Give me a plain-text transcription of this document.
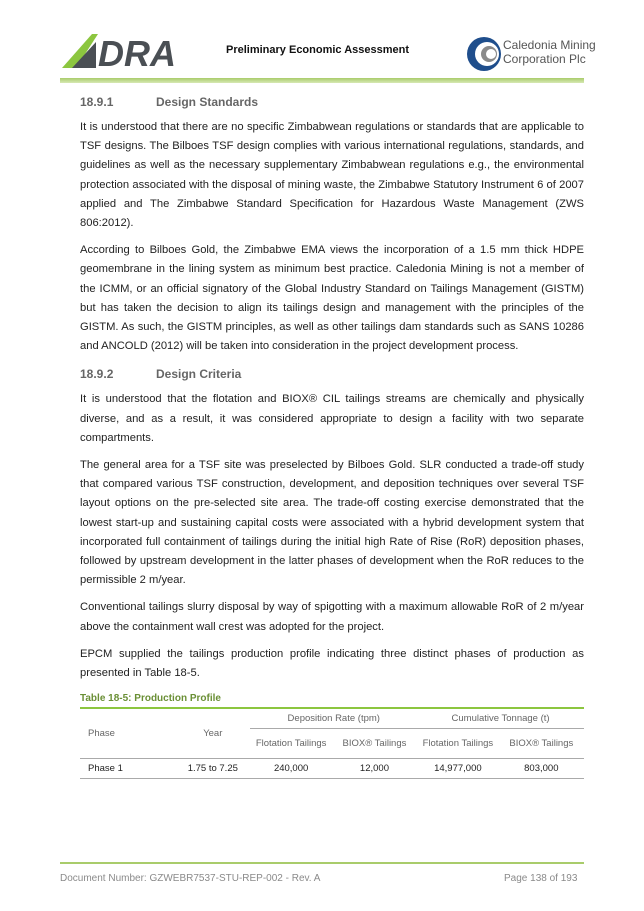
DRA	Preliminary Economic Assessment	Caledonia Mining
Corporation Plc
18.9.1	Design Standards

It is understood that there are no specific Zimbabwean regulations or standards that are applicable to TSF designs. The Bilboes TSF design complies with various international regulations, standards, and guidelines as well as the necessary supplementary Zimbabwean regulations e.g., the environmental protection associated with the disposal of mining waste, the Zimbabwe Statutory Instrument 6 of 2007 applied and The Zimbabwe Standard Specification for Hazardous Waste Management (ZWS 806:2012).

According to Bilboes Gold, the Zimbabwe EMA views the incorporation of a 1.5 mm thick HDPE geomembrane in the lining system as minimum best practice. Caledonia Mining is not a member of the ICMM, or an official signatory of the Global Industry Standard on Tailings Management (GISTM) but has taken the decision to align its tailings design and management with the principles of the GISTM. As such, the GISTM principles, as well as other tailings dam standards such as SANS 10286 and ANCOLD (2012) will be taken into consideration in the project development process.

18.9.2	Design Criteria

It is understood that the flotation and BIOX® CIL tailings streams are chemically and physically diverse, and as a result, it was considered appropriate to design a facility with two separate compartments.

The general area for a TSF site was preselected by Bilboes Gold. SLR conducted a trade-off study that compared various TSF construction, development, and deposition techniques over several TSF layout options on the pre-selected site area. The trade-off costing exercise demonstrated that the lowest start-up and sustaining capital costs were associated with a hybrid development system that incorporated full containment of tailings during the initial high Rate of Rise (RoR) deposition phases, followed by upstream development in the latter phases of development when the RoR reduces to the permissible 2 m/year.

Conventional tailings slurry disposal by way of spigotting with a maximum allowable RoR of 2 m/year above the containment wall crest was adopted for the project.

EPCM supplied the tailings production profile indicating three distinct phases of production as presented in Table 18-5.

Table 18-5: Production Profile
Phase	Year	Deposition Rate (tpm)		Cumulative Tonnage (t)	
		Flotation Tailings	BIOX® Tailings	Flotation Tailings	BIOX® Tailings
Phase 1	1.75 to 7.25	240,000	12,000	14,977,000	803,000
Document Number: GZWEBR7537-STU-REP-002 - Rev. A	Page 138 of 193
